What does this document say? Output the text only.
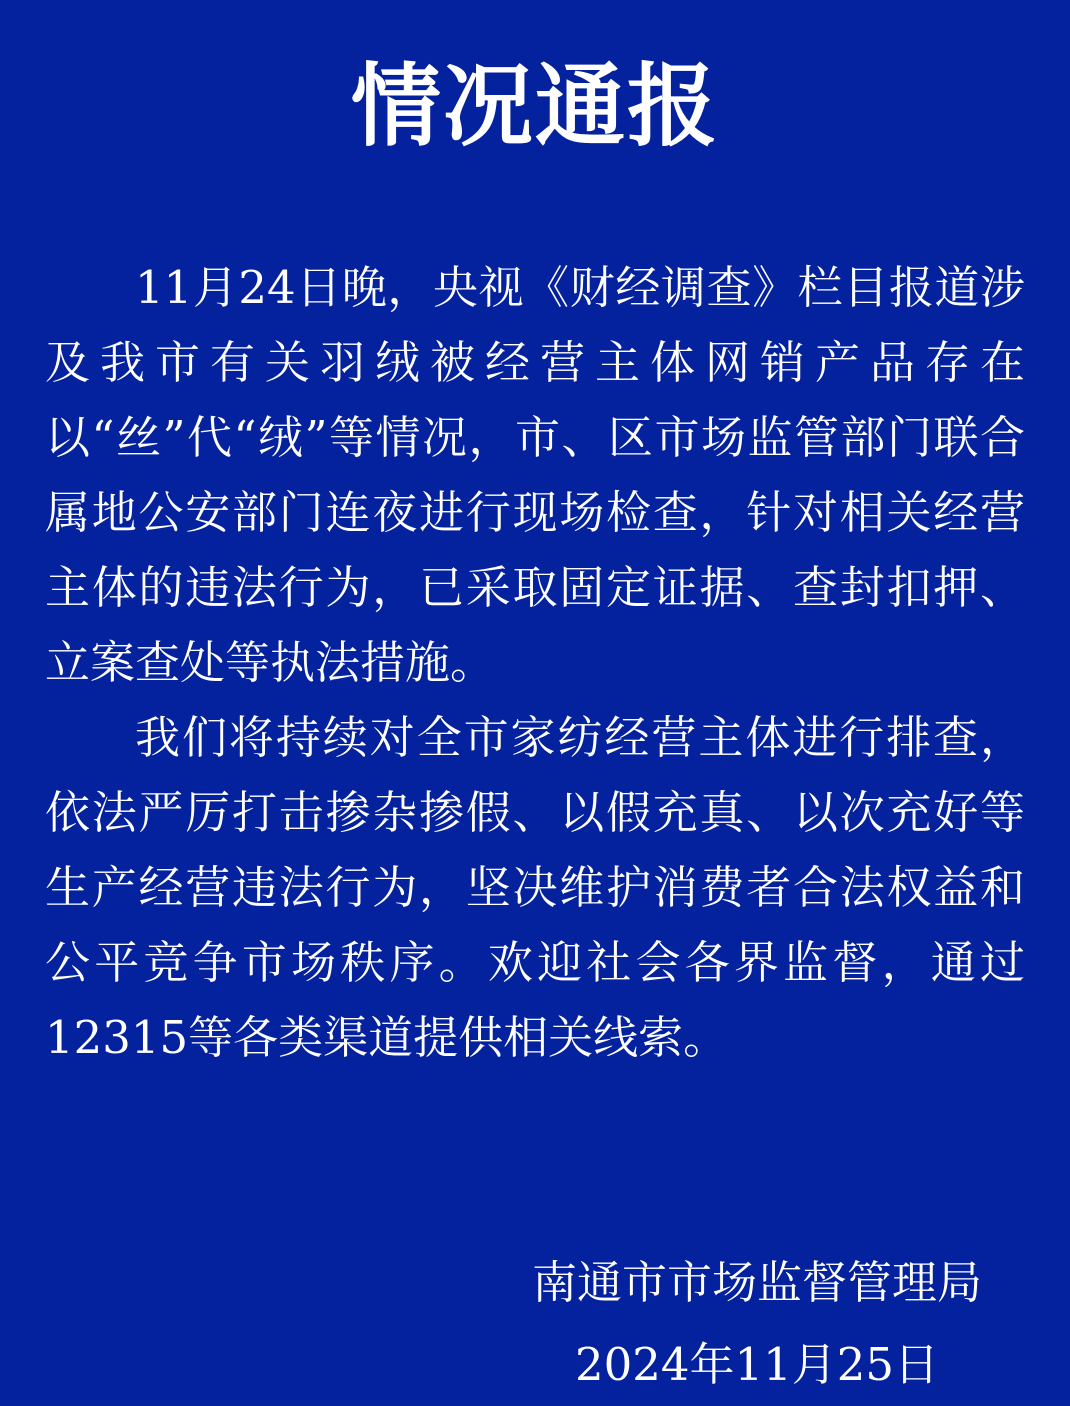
情况通报

11月24日晚，央视《财经调查》栏目报道涉及我市有关羽绒被经营主体网销产品存在以“丝”代“绒”等情况，市、区市场监管部门联合属地公安部门连夜进行现场检查，针对相关经营主体的违法行为，已采取固定证据、查封扣押、立案查处等执法措施。

我们将持续对全市家纺经营主体进行排查，依法严厉打击掺杂掺假、以假充真、以次充好等生产经营违法行为，坚决维护消费者合法权益和公平竞争市场秩序。欢迎社会各界监督，通过12315等各类渠道提供相关线索。

南通市市场监督管理局
2024年11月25日
